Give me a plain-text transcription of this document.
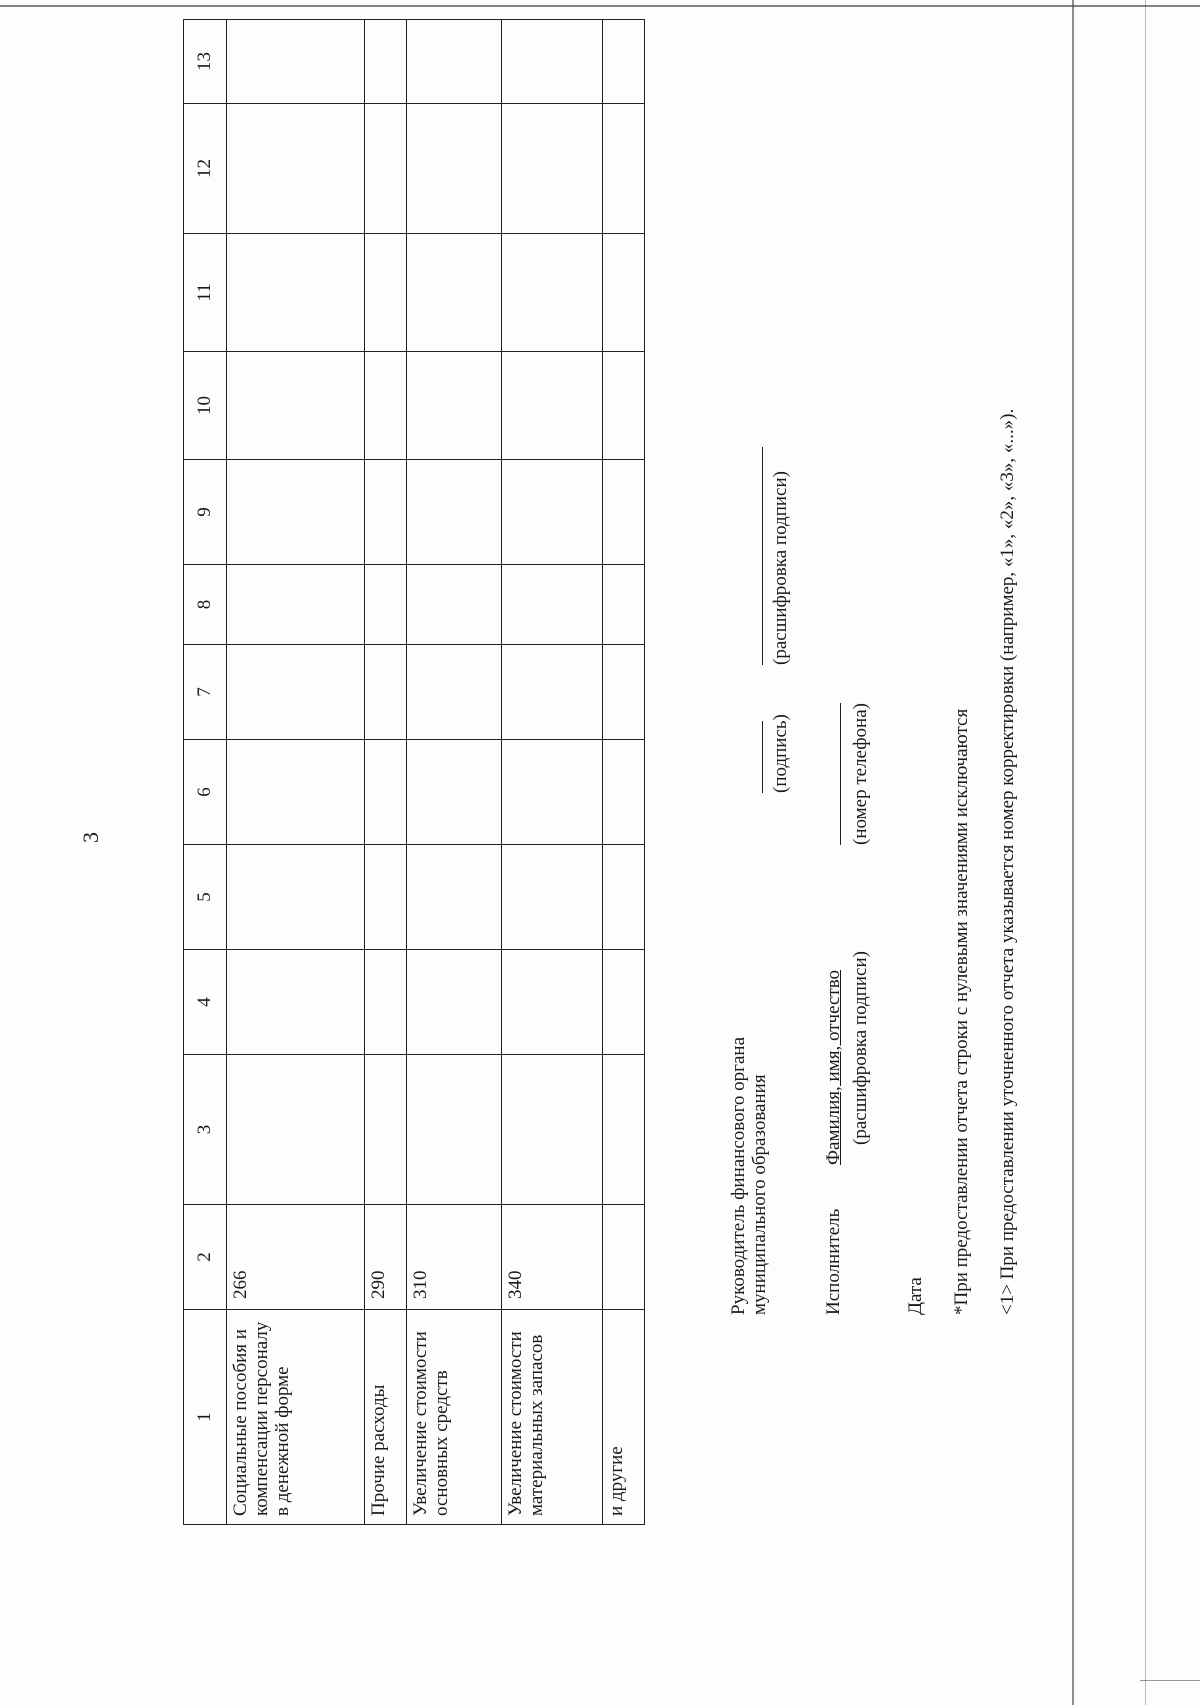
3
1	2	3	4	5	6	7	8	9	10	11	12	13
Социальные пособия и компенсации персоналу в денежной форме	266											
Прочие расходы	290											
Увеличение стоимости основных средств	310											
Увеличение стоимости материальных запасов	340											
и другие												
Руководитель финансового органа муниципального образования
(подпись)
(расшифровка подписи)
Исполнитель
Фамилия, имя, отчество (расшифровка подписи)
(номер телефона)
Дата *При предоставлении отчета строки с нулевыми значениями исключаются <1> При предоставлении уточненного отчета указывается номер корректировки (например, «1», «2», «3», «...»).
